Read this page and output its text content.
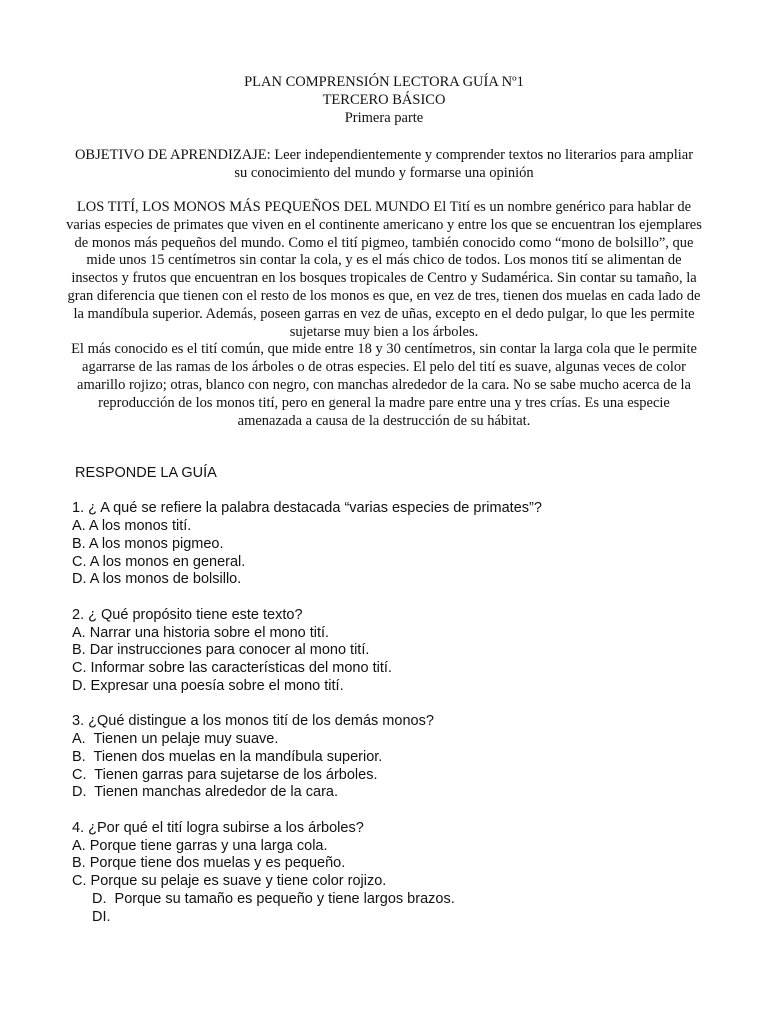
PLAN COMPRENSIÓN LECTORA GUÍA Nº1
TERCERO BÁSICO
Primera parte
OBJETIVO DE APRENDIZAJE: Leer independientemente y comprender textos no literarios para ampliar su conocimiento del mundo y formarse una opinión

LOS TITÍ, LOS MONOS MÁS PEQUEÑOS DEL MUNDO El Tití es un nombre genérico para hablar de varias especies de primates que viven en el continente americano y entre los que se encuentran los ejemplares de monos más pequeños del mundo. Como el tití pigmeo, también conocido como “mono de bolsillo”, que mide unos 15 centímetros sin contar la cola, y es el más chico de todos. Los monos tití se alimentan de insectos y frutos que encuentran en los bosques tropicales de Centro y Sudamérica. Sin contar su tamaño, la gran diferencia que tienen con el resto de los monos es que, en vez de tres, tienen dos muelas en cada lado de la mandíbula superior. Además, poseen garras en vez de uñas, excepto en el dedo pulgar, lo que les permite sujetarse muy bien a los árboles.

El más conocido es el tití común, que mide entre 18 y 30 centímetros, sin contar la larga cola que le permite agarrarse de las ramas de los árboles o de otras especies. El pelo del tití es suave, algunas veces de color amarillo rojizo; otras, blanco con negro, con manchas alrededor de la cara. No se sabe mucho acerca de la reproducción de los monos tití, pero en general la madre pare entre una y tres crías. Es una especie amenazada a causa de la destrucción de su hábitat.

RESPONDE LA GUÍA
1. ¿ A qué se refiere la palabra destacada “varias especies de primates”?
A. A los monos tití.
B. A los monos pigmeo.
C. A los monos en general.
D. A los monos de bolsillo.
2. ¿ Qué propósito tiene este texto?
A. Narrar una historia sobre el mono tití.
B. Dar instrucciones para conocer al mono tití.
C. Informar sobre las características del mono tití.
D. Expresar una poesía sobre el mono tití.
3. ¿Qué distingue a los monos tití de los demás monos?
A.  Tienen un pelaje muy suave.
B.  Tienen dos muelas en la mandíbula superior.
C.  Tienen garras para sujetarse de los árboles.
D.  Tienen manchas alrededor de la cara.
4. ¿Por qué el tití logra subirse a los árboles?
A. Porque tiene garras y una larga cola.
B. Porque tiene dos muelas y es pequeño.
C. Porque su pelaje es suave y tiene color rojizo.
D.  Porque su tamaño es pequeño y tiene largos brazos.
DI.
